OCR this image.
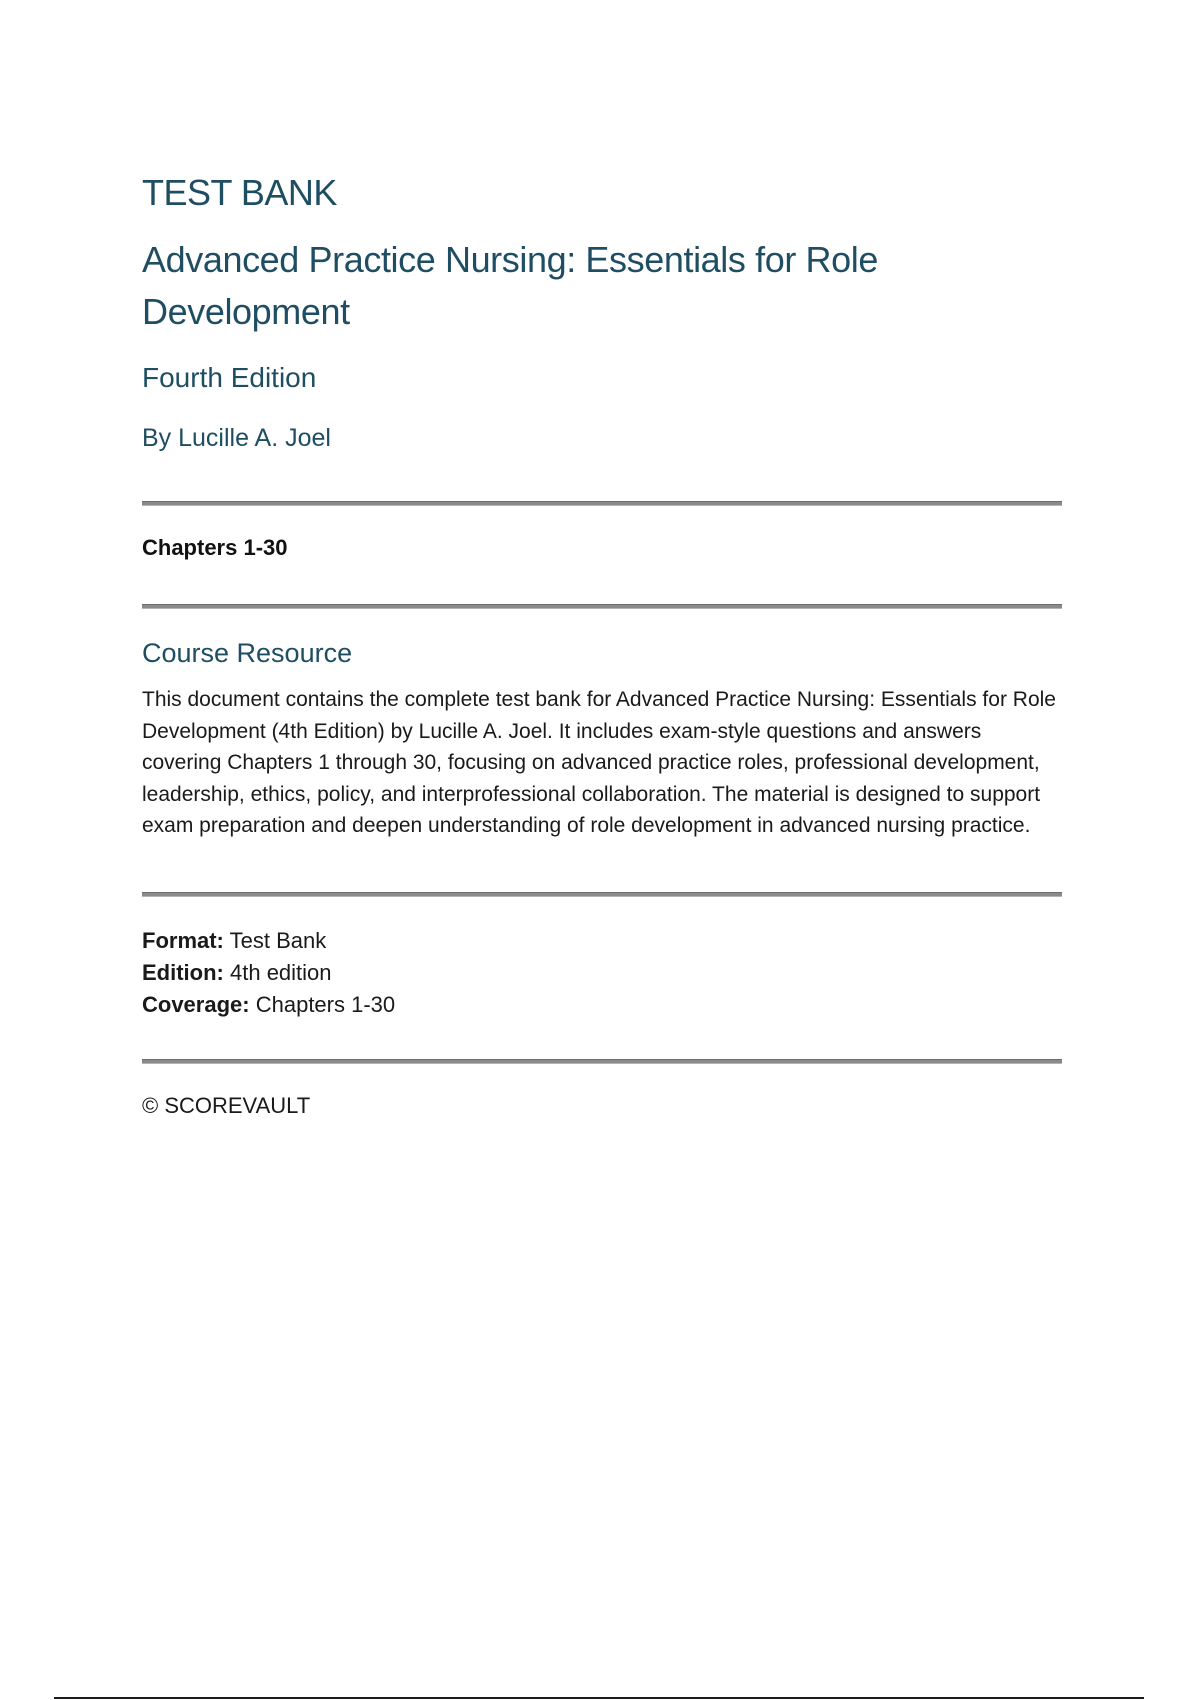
TEST BANK
Advanced Practice Nursing: Essentials for Role Development

Fourth Edition

By Lucille A. Joel

Chapters 1-30

Course Resource

This document contains the complete test bank for Advanced Practice Nursing: Essentials for Role Development (4th Edition) by Lucille A. Joel. It includes exam-style questions and answers covering Chapters 1 through 30, focusing on advanced practice roles, professional development, leadership, ethics, policy, and interprofessional collaboration. The material is designed to support exam preparation and deepen understanding of role development in advanced nursing practice.

Format: Test Bank

Edition: 4th edition

Coverage: Chapters 1-30

© SCOREVAULT
